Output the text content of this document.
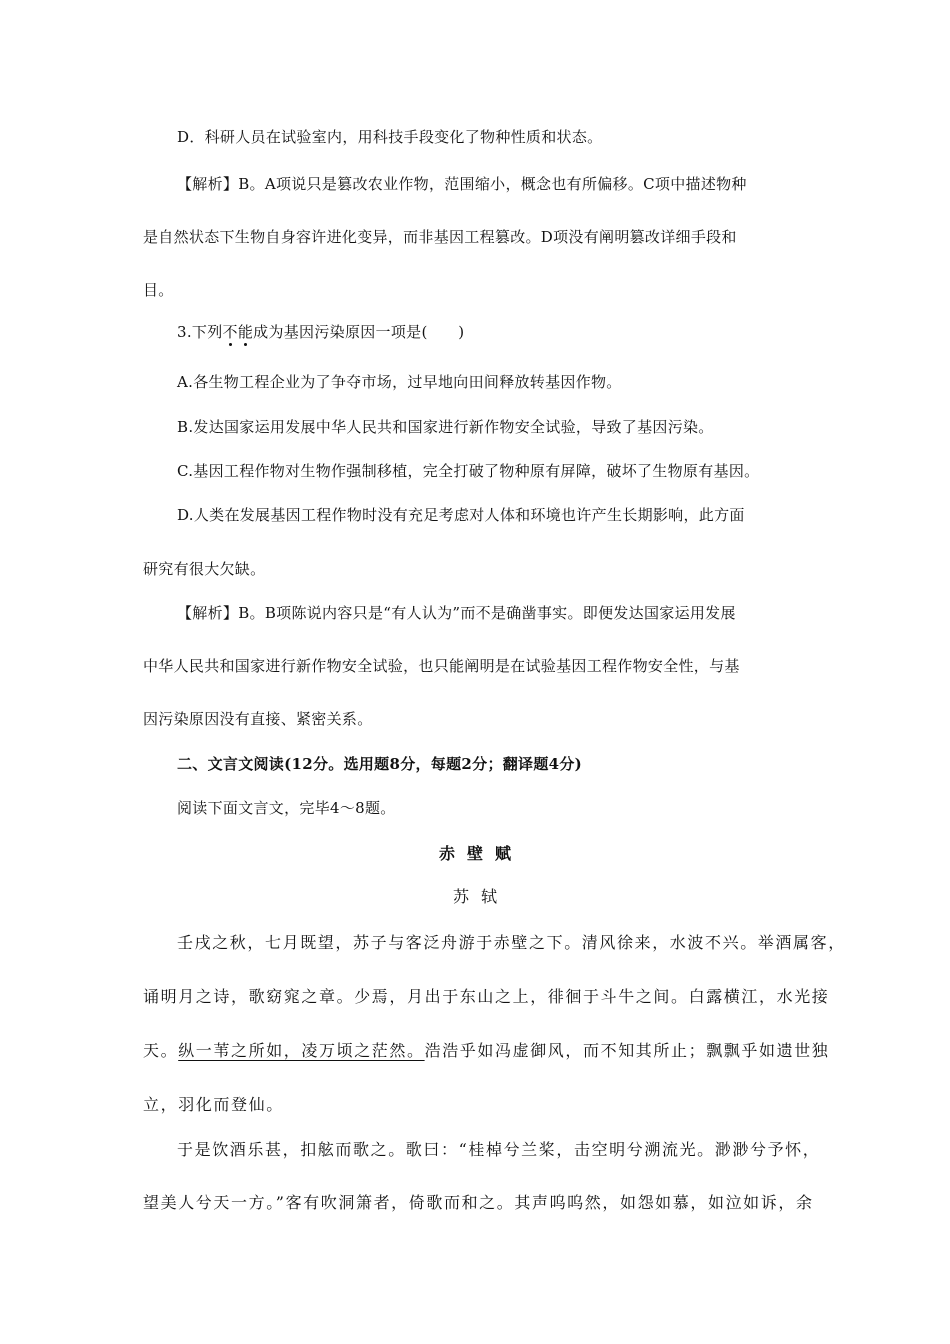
D．科研人员在试验室内，用科技手段变化了物种性质和状态。
【解析】B。A项说只是篡改农业作物，范围缩小，概念也有所偏移。C项中描述物种
是自然状态下生物自身容许进化变异，而非基因工程篡改。D项没有阐明篡改详细手段和
目。
3.下列不能成为基因污染原因一项是(　　)
A.各生物工程企业为了争夺市场，过早地向田间释放转基因作物。
B.发达国家运用发展中华人民共和国家进行新作物安全试验，导致了基因污染。
C.基因工程作物对生物作强制移植，完全打破了物种原有屏障，破坏了生物原有基因。
D.人类在发展基因工程作物时没有充足考虑对人体和环境也许产生长期影响，此方面
研究有很大欠缺。
【解析】B。B项陈说内容只是“有人认为”而不是确凿事实。即便发达国家运用发展
中华人民共和国家进行新作物安全试验，也只能阐明是在试验基因工程作物安全性，与基
因污染原因没有直接、紧密关系。
二、文言文阅读(12分。选用题8分，每题2分；翻译题4分)
阅读下面文言文，完毕4～8题。
赤壁赋
苏轼
壬戌之秋，七月既望，苏子与客泛舟游于赤壁之下。清风徐来，水波不兴。举酒属客，
诵明月之诗，歌窈窕之章。少焉，月出于东山之上，徘徊于斗牛之间。白露横江，水光接
天。纵一苇之所如，凌万顷之茫然。浩浩乎如冯虚御风，而不知其所止；飘飘乎如遗世独
立，羽化而登仙。
于是饮酒乐甚，扣舷而歌之。歌曰：“桂棹兮兰桨，击空明兮溯流光。渺渺兮予怀，
望美人兮天一方。”客有吹洞箫者，倚歌而和之。其声呜呜然，如怨如慕，如泣如诉，余
